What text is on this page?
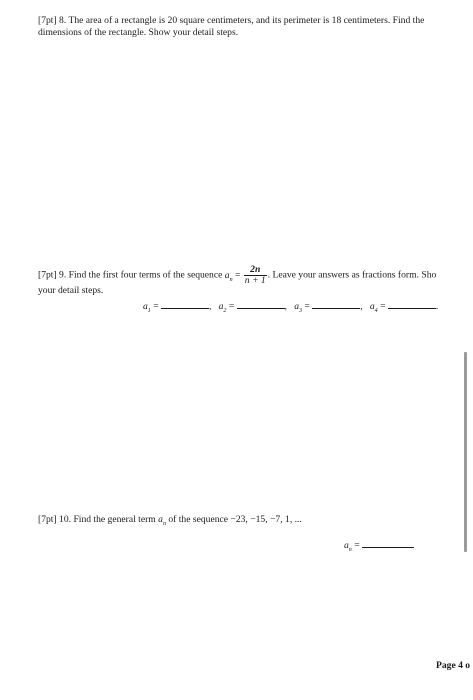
[7pt] 8. The area of a rectangle is 20 square centimeters, and its perimeter is 18 centimeters. Find the
dimensions of the rectangle. Show your detail steps.
[7pt] 9. Find the first four terms of the sequence $a_n = \frac{2n}{n + 1}$ . Leave your answers as fractions form. Sho
your detail steps.
$a_1$ =	, $a_2$ =	, $a_3$ =	, $a_4$ =	.
[7pt] 10. Find the general term $a_n$ of the sequence −23, −15, −7, 1, ...
$a_n$ =
Page 4 o
